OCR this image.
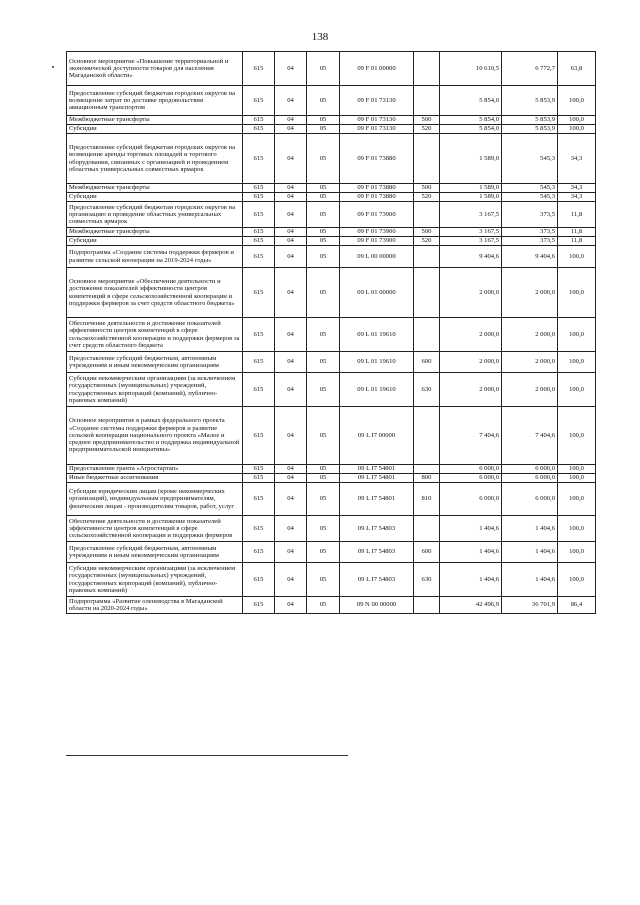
138
Основное мероприятие «Повышение территориальной и экономической доступности товаров для населения Магаданской области»	615	04	05	09 F 01 00000		10 610,5	6 772,7	63,8
Предоставление субсидий бюджетам городских округов на возмещение затрат по доставке продовольствия авиационным транспортом	615	04	05	09 F 01 73130		5 854,0	5 853,9	100,0
Межбюджетные трансферты	615	04	05	09 F 01 73130	500	5 854,0	5 853,9	100,0
Субсидии	615	04	05	09 F 01 73130	520	5 854,0	5 853,9	100,0
Предоставление субсидий бюджетам городских округов на возмещение аренды торговых площадей и торгового оборудования, связанных с организацией и проведением областных универсальных совместных ярмарок	615	04	05	09 F 01 73880		1 589,0	545,3	34,3
Межбюджетные трансферты	615	04	05	09 F 01 73880	500	1 589,0	545,3	34,3
Субсидии	615	04	05	09 F 01 73880	520	1 589,0	545,3	34,3
Предоставление субсидий бюджетам городских округов на организацию и проведение областных универсальных совместных ярмарок	615	04	05	09 F 01 73900		3 167,5	373,5	11,8
Межбюджетные трансферты	615	04	05	09 F 01 73900	500	3 167,5	373,5	11,8
Субсидии	615	04	05	09 F 01 73900	520	3 167,5	373,5	11,8
Подпрограмма «Создание системы поддержки фермеров и развитие сельской кооперации на 2019-2024 годы»	615	04	05	09 L 00 00000		9 404,6	9 404,6	100,0
Основное мероприятие «Обеспечение деятельности и достижение показателей эффективности центров компетенций в сфере сельскохозяйственной кооперации и поддержки фермеров за счет средств областного бюджета»	615	04	05	09 L 01 00000		2 000,0	2 000,0	100,0
Обеспечение деятельности и достижение показателей эффективности центров компетенций в сфере сельскохозяйственной кооперации и поддержки фермеров за счет средств областного бюджета	615	04	05	09 L 01 19610		2 000,0	2 000,0	100,0
Предоставление субсидий бюджетным, автономным учреждениям и иным некоммерческим организациям	615	04	05	09 L 01 19610	600	2 000,0	2 000,0	100,0
Субсидии некоммерческим организациям (за исключением государственных (муниципальных) учреждений, государственных корпораций (компаний), публично-правовых компаний)	615	04	05	09 L 01 19610	630	2 000,0	2 000,0	100,0
Основное мероприятие в рамках федерального проекта «Создание системы поддержки фермеров и развитие сельской кооперации национального проекта «Малое и среднее предпринимательство и поддержка индивидуальной предпринимательской инициативы»	615	04	05	09 L I7 00000		7 404,6	7 404,6	100,0
Предоставление гранта «Агростартап»	615	04	05	09 L I7 54801		6 000,0	6 000,0	100,0
Иные бюджетные ассигнования	615	04	05	09 L I7 54801	800	6 000,0	6 000,0	100,0
Субсидии юридическим лицам (кроме некоммерческих организаций), индивидуальным предпринимателям, физическим лицам - производителям товаров, работ, услуг	615	04	05	09 L I7 54801	810	6 000,0	6 000,0	100,0
Обеспечение деятельности и достижение показателей эффективности центров компетенций в сфере сельскохозяйственной кооперации и поддержки фермеров	615	04	05	09 L I7 54803		1 404,6	1 404,6	100,0
Предоставление субсидий бюджетным, автономным учреждениям и иным некоммерческим организациям	615	04	05	09 L I7 54803	600	1 404,6	1 404,6	100,0
Субсидии некоммерческим организациям (за исключением государственных (муниципальных) учреждений, государственных корпораций (компаний), публично-правовых компаний)	615	04	05	09 L I7 54803	630	1 404,6	1 404,6	100,0
Подпрограмма «Развитие оленеводства в Магаданской области на 2020-2024 годы»	615	04	05	09 N 00 00000		42 496,9	36 701,9	86,4
